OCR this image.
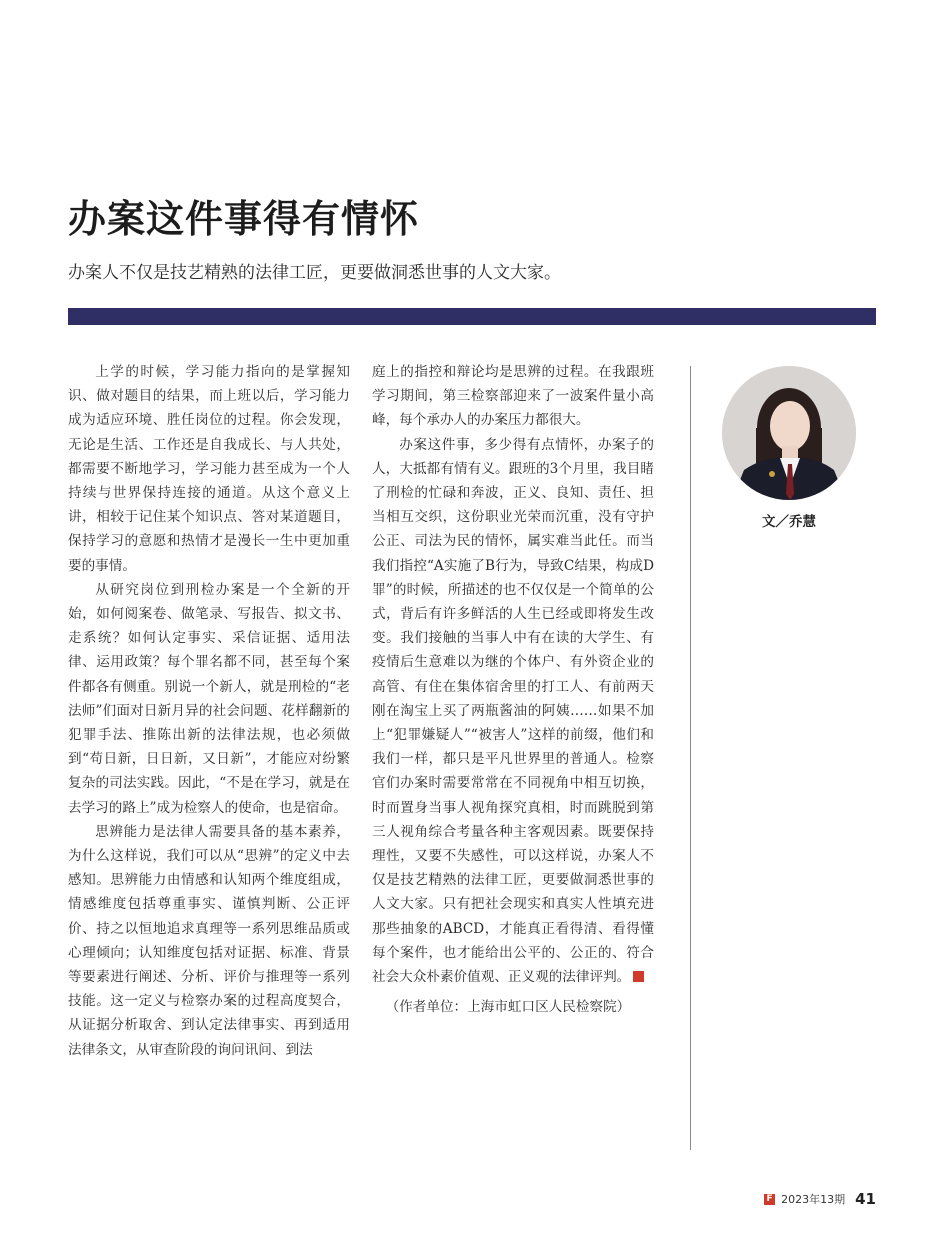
办案这件事得有情怀
办案人不仅是技艺精熟的法律工匠，更要做洞悉世事的人文大家。

上学的时候，学习能力指向的是掌握知识、做对题目的结果，而上班以后，学习能力成为适应环境、胜任岗位的过程。你会发现，无论是生活、工作还是自我成长、与人共处，都需要不断地学习，学习能力甚至成为一个人持续与世界保持连接的通道。从这个意义上讲，相较于记住某个知识点、答对某道题目，保持学习的意愿和热情才是漫长一生中更加重要的事情。

从研究岗位到刑检办案是一个全新的开始，如何阅案卷、做笔录、写报告、拟文书、走系统？如何认定事实、采信证据、适用法律、运用政策？每个罪名都不同，甚至每个案件都各有侧重。别说一个新人，就是刑检的“老法师”们面对日新月异的社会问题、花样翻新的犯罪手法、推陈出新的法律法规，也必须做到“苟日新，日日新，又日新”，才能应对纷繁复杂的司法实践。因此，“不是在学习，就是在去学习的路上”成为检察人的使命，也是宿命。

思辨能力是法律人需要具备的基本素养，为什么这样说，我们可以从“思辨”的定义中去感知。思辨能力由情感和认知两个维度组成，情感维度包括尊重事实、谨慎判断、公正评价、持之以恒地追求真理等一系列思维品质或心理倾向；认知维度包括对证据、标准、背景等要素进行阐述、分析、评价与推理等一系列技能。这一定义与检察办案的过程高度契合，从证据分析取舍、到认定法律事实、再到适用法律条文，从审查阶段的询问讯问、到法

庭上的指控和辩论均是思辨的过程。在我跟班学习期间，第三检察部迎来了一波案件量小高峰，每个承办人的办案压力都很大。

办案这件事，多少得有点情怀，办案子的人，大抵都有情有义。跟班的3个月里，我目睹了刑检的忙碌和奔波，正义、良知、责任、担当相互交织，这份职业光荣而沉重，没有守护公正、司法为民的情怀，属实难当此任。而当我们指控“A实施了B行为，导致C结果，构成D罪”的时候，所描述的也不仅仅是一个简单的公式，背后有许多鲜活的人生已经或即将发生改变。我们接触的当事人中有在读的大学生、有疫情后生意难以为继的个体户、有外资企业的高管、有住在集体宿舍里的打工人、有前两天刚在淘宝上买了两瓶酱油的阿姨……如果不加上“犯罪嫌疑人”“被害人”这样的前缀，他们和我们一样，都只是平凡世界里的普通人。检察官们办案时需要常常在不同视角中相互切换，时而置身当事人视角探究真相，时而跳脱到第三人视角综合考量各种主客观因素。既要保持理性，又要不失感性，可以这样说，办案人不仅是技艺精熟的法律工匠，更要做洞悉世事的人文大家。只有把社会现实和真实人性填充进那些抽象的ABCD，才能真正看得清、看得懂每个案件，也才能给出公平的、公正的、符合社会大众朴素价值观、正义观的法律评判。

（作者单位：上海市虹口区人民检察院）
文／乔慧
F 2023年13期 41
